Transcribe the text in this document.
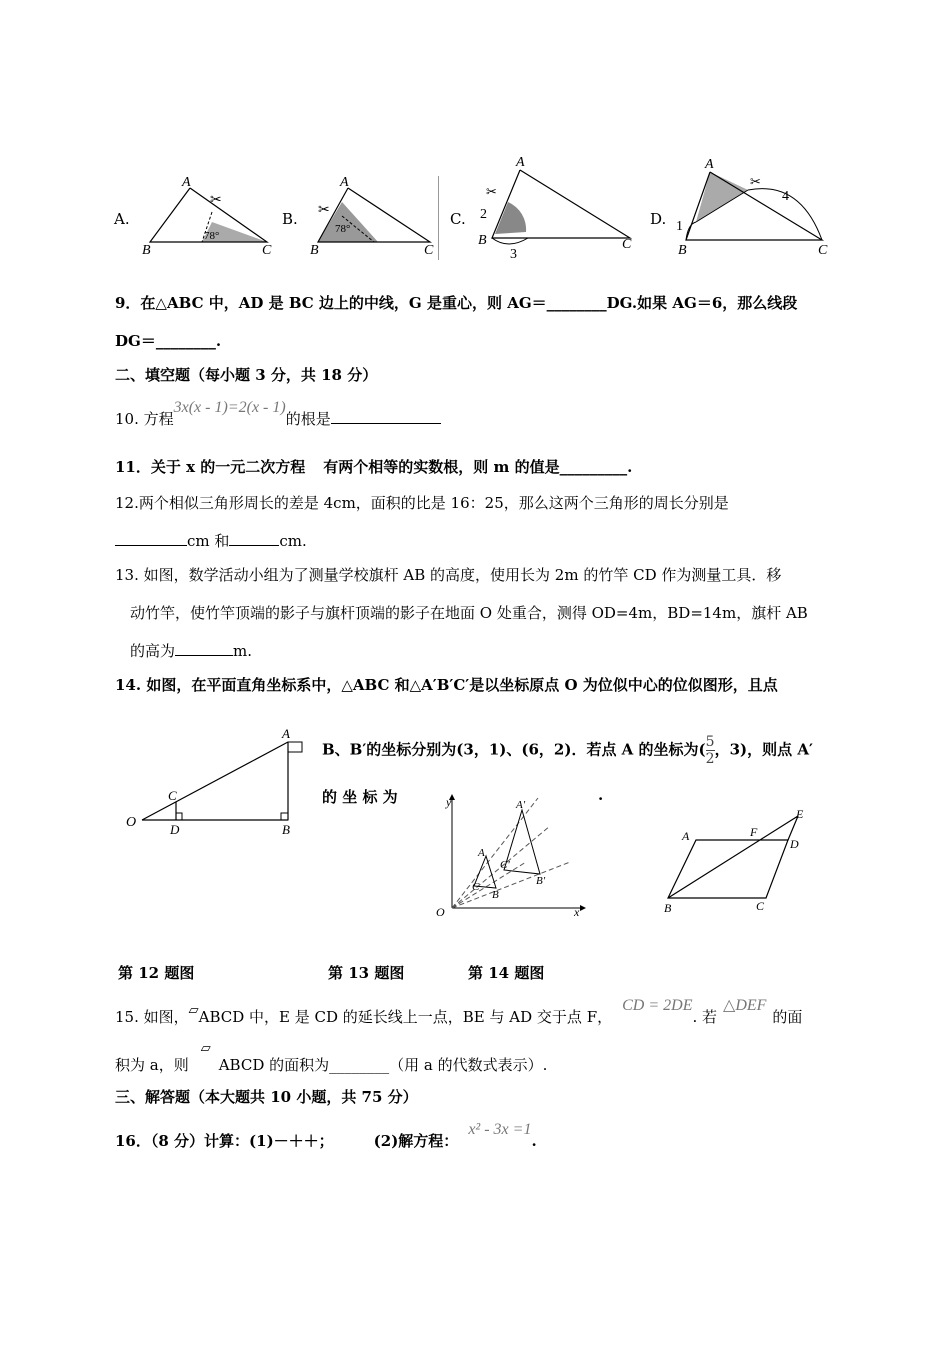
A.
A
B	C
78°
✂
B.
A
B	C
78°
✂	C.
A
B	C
2
3
✂
D.
A
B	C
1
4
✂
9．在△ABC 中，AD 是 BC 边上的中线，G 是重心，则 AG＝________DG.如果 AG＝6，那么线段
DG＝________.
二、填空题（每小题 3 分，共 18 分）
10. 方程3x(x - 1)=2(x - 1)的根是
11．关于 x 的一元二次方程 有两个相等的实数根，则 m 的值是_________.
12.两个相似三角形周长的差是 4cm，面积的比是 16：25，那么这两个三角形的周长分别是
cm 和	cm.
13. 如图，数学活动小组为了测量学校旗杆 AB 的高度，使用长为 2m 的竹竿 CD 作为测量工具．移
动竹竿，使竹竿顶端的影子与旗杆顶端的影子在地面 O 处重合，测得 OD=4m，BD=14m，旗杆 AB
的高为	m.
14. 如图，在平面直角坐标系中，△ABC 和△A′B′C′是以坐标原点 O 为位似中心的位似图形，且点
B、B′的坐标分别为(3，1)、(6，2)．若点 A 的坐标为( $\frac{5}{2}$ ，3)，则点 A′
的 坐 标 为	.
O
C
D
A
B
y
x
O
A
C
B
A'
C'
B'
A	F
E
D
B	C
第 12 题图	第 13 题图	第 14 题图
15. 如图，▱ABCD 中，E 是 CD 的延长线上一点，BE 与 AD 交于点 F，CD = 2DE. 若△DEF的面
积为 a，则▱ABCD 的面积为________（用 a 的代数式表示）.
三、解答题（本大题共 10 小题，共 75 分）
16．（8 分）计算：(1)－＋＋；	(2)解方程：x² - 3x =1.
